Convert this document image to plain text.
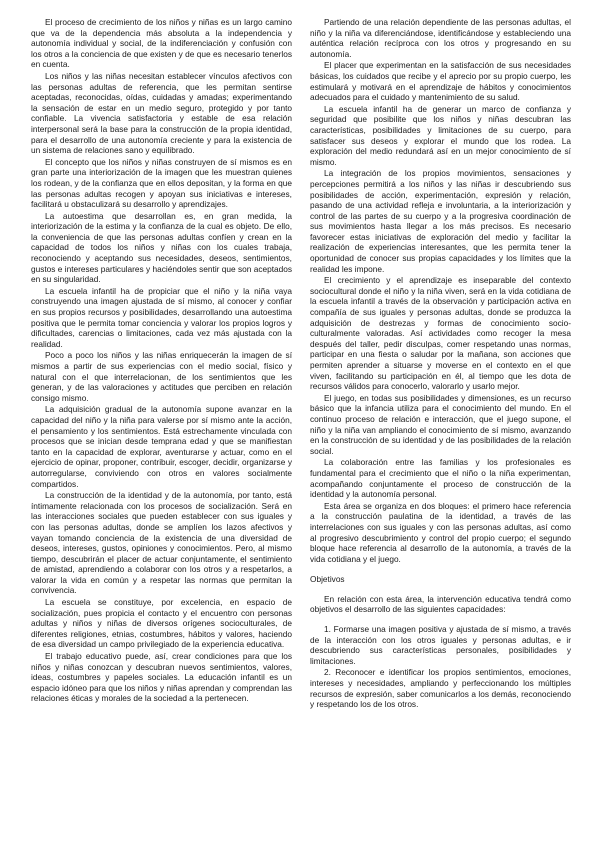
El proceso de crecimiento de los niños y niñas es un largo camino que va de la dependencia más absoluta a la independencia y autonomía individual y social, de la indiferenciación y confusión con los otros a la conciencia de que existen y de que es necesario tenerlos en cuenta.

Los niños y las niñas necesitan establecer vínculos afectivos con las personas adultas de referencia, que les permitan sentirse aceptadas, reconocidas, oídas, cuidadas y amadas; experimentando la sensación de estar en un medio seguro, protegido y por tanto confiable. La vivencia satisfactoria y estable de esa relación interpersonal será la base para la construcción de la propia identidad, para el desarrollo de una autonomía creciente y para la existencia de un sistema de relaciones sano y equilibrado.

El concepto que los niños y niñas construyen de sí mismos es en gran parte una interiorización de la imagen que les muestran quienes los rodean, y de la confianza que en ellos depositan, y la forma en que las personas adultas recogen y apoyan sus iniciativas e intereses, facilitará u obstaculizará su desarrollo y aprendizajes.

La autoestima que desarrollan es, en gran medida, la interiorización de la estima y la confianza de la cual es objeto. De ello, la conveniencia de que las personas adultas confíen y crean en la capacidad de todos los niños y niñas con los cuales trabaja, reconociendo y aceptando sus necesidades, deseos, sentimientos, gustos e intereses particulares y haciéndoles sentir que son aceptados en su singularidad.

La escuela infantil ha de propiciar que el niño y la niña vaya construyendo una imagen ajustada de sí mismo, al conocer y confiar en sus propios recursos y posibilidades, desarrollando una autoestima positiva que le permita tomar conciencia y valorar los propios logros y dificultades, carencias o limitaciones, cada vez más ajustada con la realidad.

Poco a poco los niños y las niñas enriquecerán la imagen de sí mismos a partir de sus experiencias con el medio social, físico y natural con el que interrelacionan, de los sentimientos que les generan, y de las valoraciones y actitudes que perciben en relación consigo mismo.

La adquisición gradual de la autonomía supone avanzar en la capacidad del niño y la niña para valerse por sí mismo ante la acción, el pensamiento y los sentimientos. Está estrechamente vinculada con procesos que se inician desde temprana edad y que se manifiestan tanto en la capacidad de explorar, aventurarse y actuar, como en el ejercicio de opinar, proponer, contribuir, escoger, decidir, organizarse y autorregularse, conviviendo con otros en valores socialmente compartidos.

La construcción de la identidad y de la autonomía, por tanto, está íntimamente relacionada con los procesos de socialización. Será en las interacciones sociales que pueden establecer con sus iguales y con las personas adultas, donde se amplíen los lazos afectivos y vayan tomando conciencia de la existencia de una diversidad de deseos, intereses, gustos, opiniones y conocimientos. Pero, al mismo tiempo, descubrirán el placer de actuar conjuntamente, el sentimiento de amistad, aprendiendo a colaborar con los otros y a respetarlos, a valorar la vida en común y a respetar las normas que permitan la convivencia.

La escuela se constituye, por excelencia, en espacio de socialización, pues propicia el contacto y el encuentro con personas adultas y niños y niñas de diversos orígenes socioculturales, de diferentes religiones, etnias, costumbres, hábitos y valores, haciendo de esa diversidad un campo privilegiado de la experiencia educativa.

El trabajo educativo puede, así, crear condiciones para que los niños y niñas conozcan y descubran nuevos sentimientos, valores, ideas, costumbres y papeles sociales. La educación infantil es un espacio idóneo para que los niños y niñas aprendan y comprendan las relaciones éticas y morales de la sociedad a la pertenecen.

Partiendo de una relación dependiente de las personas adultas, el niño y la niña va diferenciándose, identificándose y estableciendo una auténtica relación recíproca con los otros y progresando en su autonomía.

El placer que experimentan en la satisfacción de sus necesidades básicas, los cuidados que recibe y el aprecio por su propio cuerpo, les estimulará y motivará en el aprendizaje de hábitos y conocimientos adecuados para el cuidado y mantenimiento de su salud.

La escuela infantil ha de generar un marco de confianza y seguridad que posibilite que los niños y niñas descubran las características, posibilidades y limitaciones de su cuerpo, para satisfacer sus deseos y explorar el mundo que los rodea. La exploración del medio redundará así en un mejor conocimiento de sí mismo.

La integración de los propios movimientos, sensaciones y percepciones permitirá a los niños y las niñas ir descubriendo sus posibilidades de acción, experimentación, expresión y relación, pasando de una actividad refleja e involuntaria, a la interiorización y control de las partes de su cuerpo y a la progresiva coordinación de sus movimientos hasta llegar a los más precisos. Es necesario favorecer estas iniciativas de exploración del medio y facilitar la realización de experiencias interesantes, que les permita tener la oportunidad de conocer sus propias capacidades y los límites que la realidad les impone.

El crecimiento y el aprendizaje es inseparable del contexto sociocultural donde el niño y la niña viven, será en la vida cotidiana de la escuela infantil a través de la observación y participación activa en compañía de sus iguales y personas adultas, donde se produzca la adquisición de destrezas y formas de conocimiento socio-culturalmente valoradas. Así actividades como recoger la mesa después del taller, pedir disculpas, comer respetando unas normas, participar en una fiesta o saludar por la mañana, son acciones que permiten aprender a situarse y moverse en el contexto en el que viven, facilitando su participación en él, al tiempo que les dota de recursos válidos para conocerlo, valorarlo y usarlo mejor.

El juego, en todas sus posibilidades y dimensiones, es un recurso básico que la infancia utiliza para el conocimiento del mundo. En el continuo proceso de relación e interacción, que el juego supone, el niño y la niña van ampliando el conocimiento de sí mismo, avanzando en la construcción de su identidad y de las posibilidades de la relación social.

La colaboración entre las familias y los profesionales es fundamental para el crecimiento que el niño o la niña experimentan, acompañando conjuntamente el proceso de construcción de la identidad y la autonomía personal.

Esta área se organiza en dos bloques: el primero hace referencia a la construcción paulatina de la identidad, a través de las interrelaciones con sus iguales y con las personas adultas, así como al progresivo descubrimiento y control del propio cuerpo; el segundo bloque hace referencia al desarrollo de la autonomía, a través de la vida cotidiana y el juego.

Objetivos

En relación con esta área, la intervención educativa tendrá como objetivos el desarrollo de las siguientes capacidades:

1. Formarse una imagen positiva y ajustada de sí mismo, a través de la interacción con los otros iguales y personas adultas, e ir descubriendo sus características personales, posibilidades y limitaciones.

2. Reconocer e identificar los propios sentimientos, emociones, intereses y necesidades, ampliando y perfeccionando los múltiples recursos de expresión, saber comunicarlos a los demás, reconociendo y respetando los de los otros.
